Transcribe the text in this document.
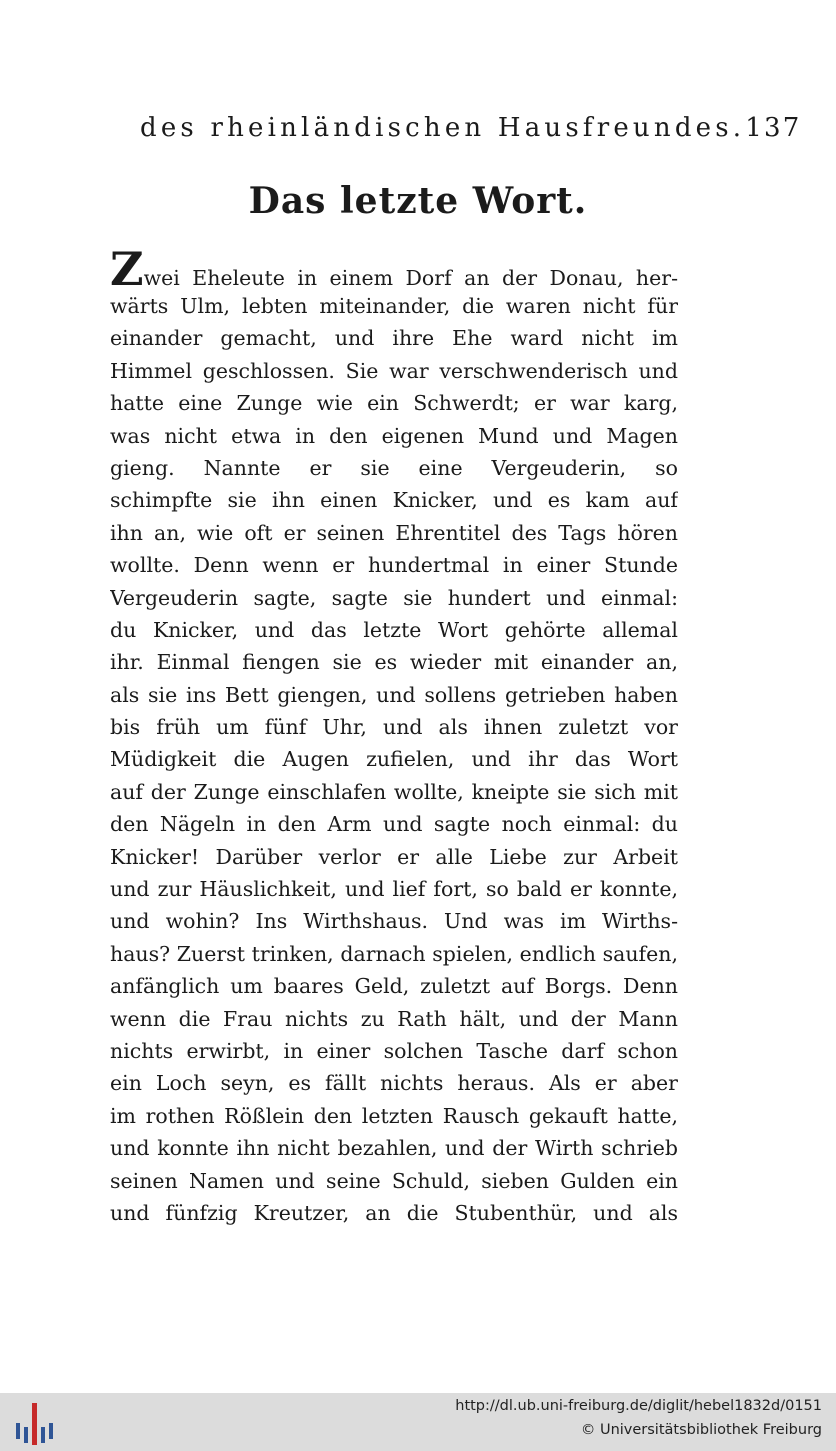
des rheinländischen Hausfreundes. 137
Das letzte Wort.
Zwei Eheleute in einem Dorf an der Donau, her-
wärts Ulm, lebten miteinander, die waren nicht für
einander gemacht, und ihre Ehe ward nicht im
Himmel geschlossen. Sie war verschwenderisch und
hatte eine Zunge wie ein Schwerdt; er war karg,
was nicht etwa in den eigenen Mund und Magen
gieng. Nannte er sie eine Vergeuderin, so
schimpfte sie ihn einen Knicker, und es kam auf
ihn an, wie oft er seinen Ehrentitel des Tags hören
wollte. Denn wenn er hundertmal in einer Stunde
Vergeuderin sagte, sagte sie hundert und einmal:
du Knicker, und das letzte Wort gehörte allemal
ihr. Einmal fiengen sie es wieder mit einander an,
als sie ins Bett giengen, und sollens getrieben haben
bis früh um fünf Uhr, und als ihnen zuletzt vor
Müdigkeit die Augen zufielen, und ihr das Wort
auf der Zunge einschlafen wollte, kneipte sie sich mit
den Nägeln in den Arm und sagte noch einmal: du
Knicker! Darüber verlor er alle Liebe zur Arbeit
und zur Häuslichkeit, und lief fort, so bald er konnte,
und wohin? Ins Wirthshaus. Und was im Wirths-
haus? Zuerst trinken, darnach spielen, endlich saufen,
anfänglich um baares Geld, zuletzt auf Borgs. Denn
wenn die Frau nichts zu Rath hält, und der Mann
nichts erwirbt, in einer solchen Tasche darf schon
ein Loch seyn, es fällt nichts heraus. Als er aber
im rothen Rößlein den letzten Rausch gekauft hatte,
und konnte ihn nicht bezahlen, und der Wirth schrieb
seinen Namen und seine Schuld, sieben Gulden ein
und fünfzig Kreutzer, an die Stubenthür, und als
http://dl.ub.uni-freiburg.de/diglit/hebel1832d/0151
© Universitätsbibliothek Freiburg
